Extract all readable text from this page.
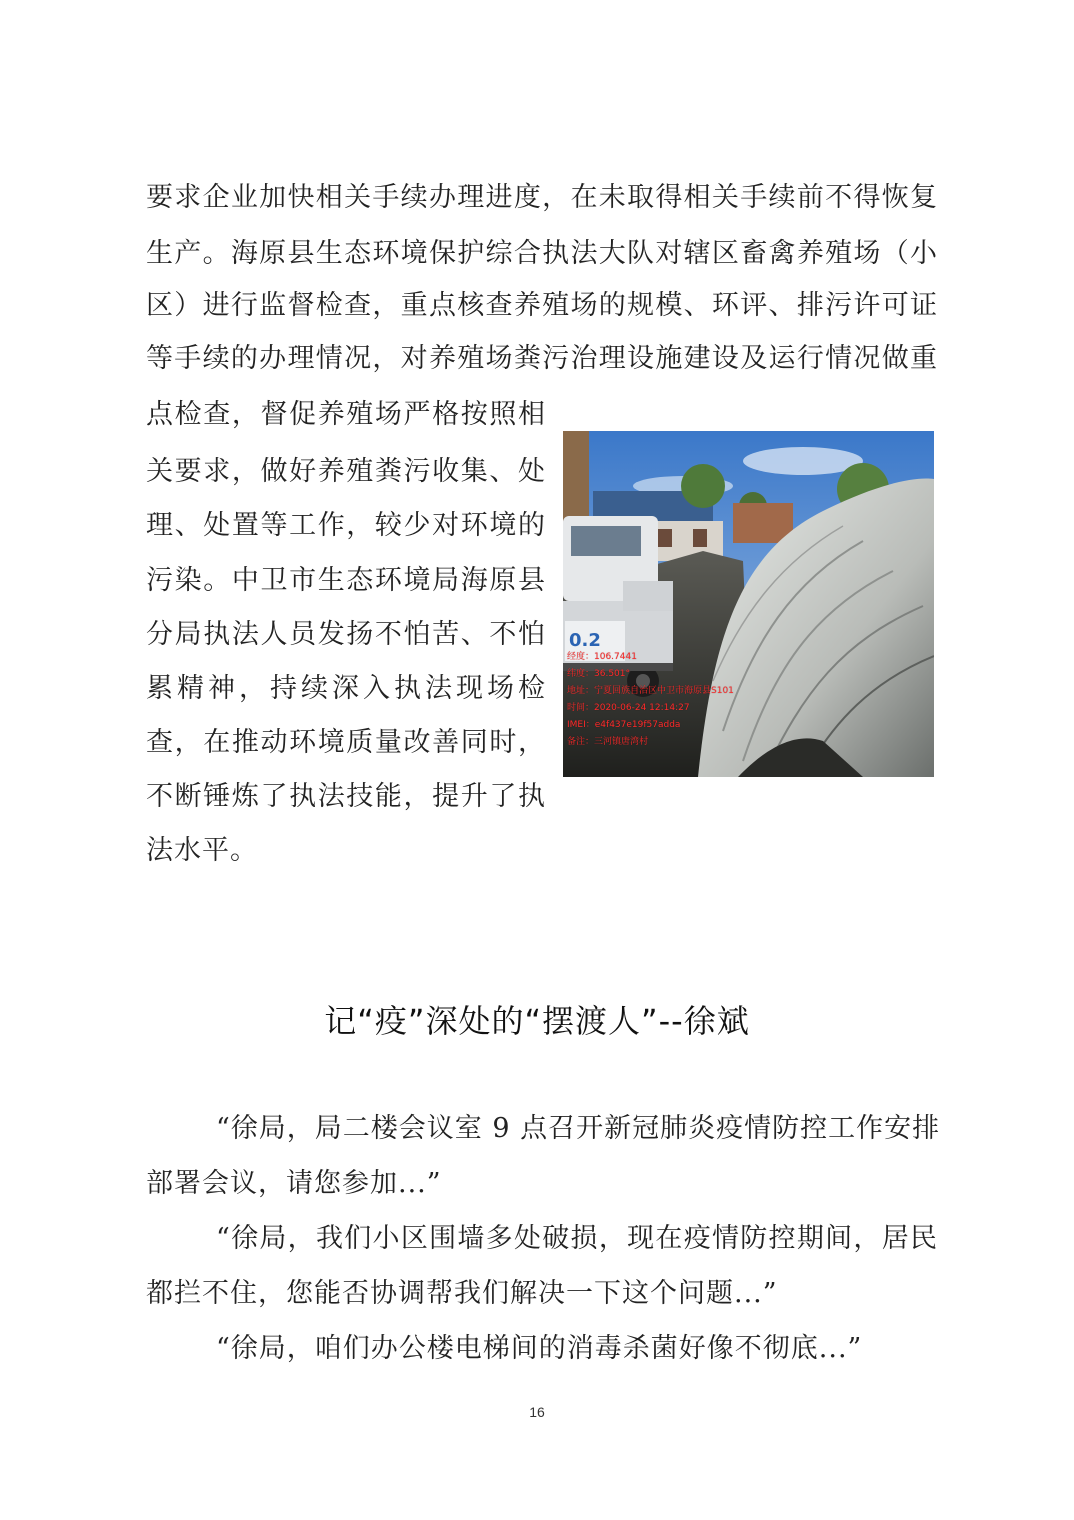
要求企业加快相关手续办理进度，在未取得相关手续前不得恢复
生产。海原县生态环境保护综合执法大队对辖区畜禽养殖场（小
区）进行监督检查，重点核查养殖场的规模、环评、排污许可证
等手续的办理情况，对养殖场粪污治理设施建设及运行情况做重
点检查，督促养殖场严格按照相
关要求，做好养殖粪污收集、处
理、处置等工作，较少对环境的
污染。中卫市生态环境局海原县
分局执法人员发扬不怕苦、不怕
累精神，持续深入执法现场检
查，在推动环境质量改善同时，
不断锤炼了执法技能，提升了执
法水平。
0.2
经度：106.7441
纬度：36.501°
地址：宁夏回族自治区中卫市海原县S101
时间：2020-06-24 12:14:27
IMEI：e4f437e19f57adda
备注：三河镇唐湾村
记“疫”深处的“摆渡人”--徐斌
“徐局，局二楼会议室 9 点召开新冠肺炎疫情防控工作安排
部署会议，请您参加...”
“徐局，我们小区围墙多处破损，现在疫情防控期间，居民
都拦不住，您能否协调帮我们解决一下这个问题...”
“徐局，咱们办公楼电梯间的消毒杀菌好像不彻底...”
16
